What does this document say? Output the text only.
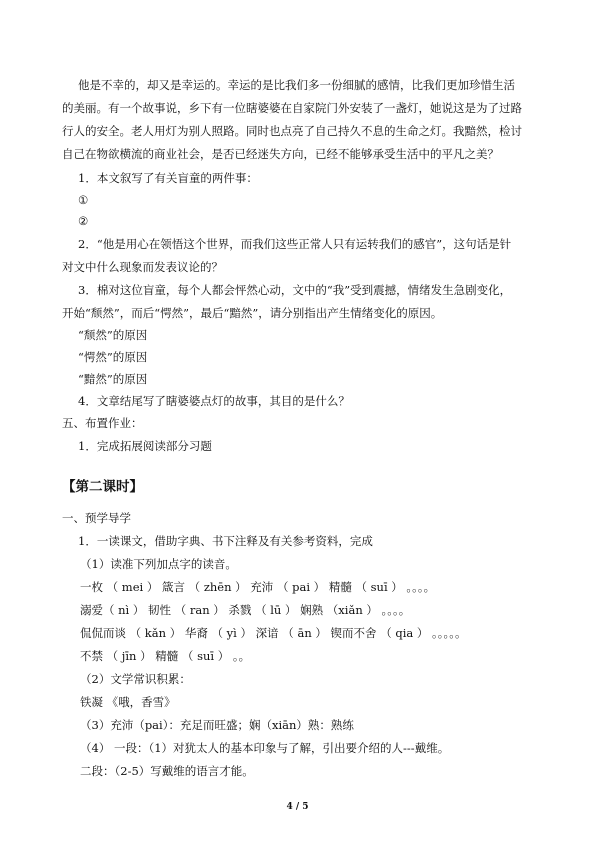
他是不幸的，却又是幸运的。幸运的是比我们多一份细腻的感情，比我们更加珍惜生活
的美丽。有一个故事说，乡下有一位瞎婆婆在自家院门外安装了一盏灯，她说这是为了过路
行人的安全。老人用灯为别人照路。同时也点亮了自己持久不息的生命之灯。我黯然，检讨
自己在物欲横流的商业社会，是否已经迷失方向，已经不能够承受生活中的平凡之美？
1．本文叙写了有关盲童的两件事：
①
②
2．“他是用心在领悟这个世界，而我们这些正常人只有运转我们的感官”，这句话是针
对文中什么现象而发表议论的？
3．棉对这位盲童，每个人都会怦然心动，文中的“我”受到震撼，情绪发生急剧变化，
开始“颓然”，而后“愕然”，最后“黯然”，请分别指出产生情绪变化的原因。
“颓然”的原因
“愕然”的原因
“黯然”的原因
4．文章结尾写了瞎婆婆点灯的故事，其目的是什么？
五、布置作业：
1．完成拓展阅读部分习题
【第二课时】
一、预学导学
1．一读课文，借助字典、书下注释及有关参考资料，完成
（1）读准下列加点字的读音。
一枚 （ mei ） 箴言 （ zhēn ） 充沛 （ pai ） 精髓 （ suī ） 。。。。
溺爱（ nì ） 韧性 （ ran ） 杀戮 （ lū ） 娴熟 （xiǎn ） 。。。。
侃侃而谈 （ kǎn ） 华裔 （ yì ） 深谙 （ ān ） 锲而不舍 （ qia ） 。。。。。
不禁 （ jīn ） 精髓 （ suī ） 。。
（2）文学常识积累：
铁凝 《哦，香雪》
（3）充沛（pai）：充足而旺盛；娴（xiān）熟：熟练
（4） 一段：（1）对犹太人的基本印象与了解，引出要介绍的人---戴维。
二段：（2-5）写戴维的语言才能。
4 / 5
